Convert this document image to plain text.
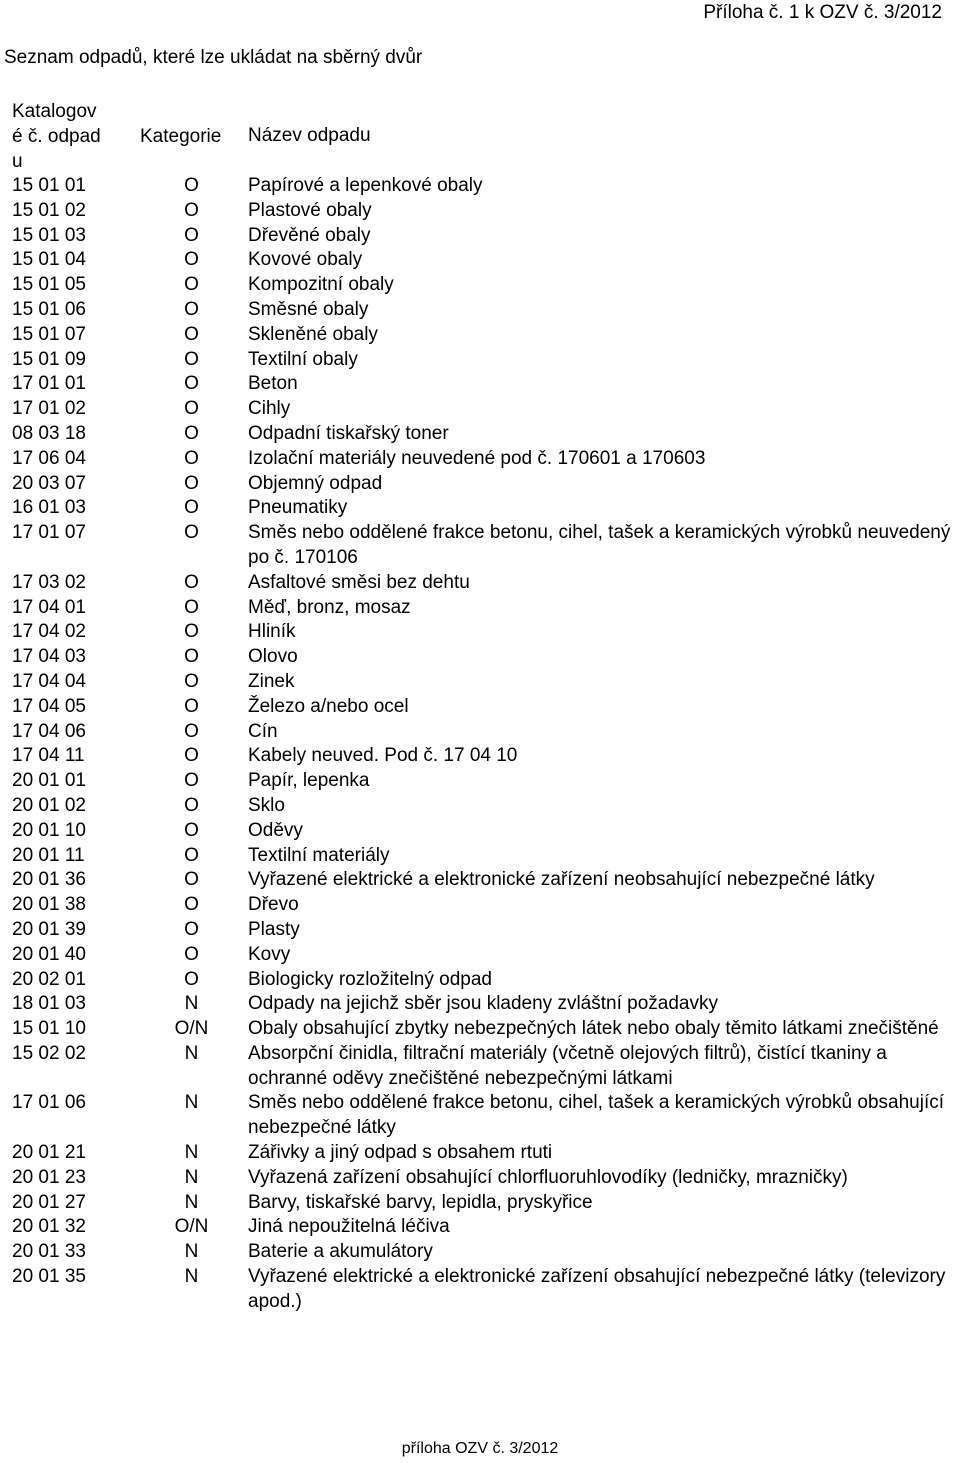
Příloha č. 1 k OZV č. 3/2012
Seznam odpadů, které lze ukládat na sběrný dvůr
Katalogové č. odpadu	Kategorie	Název odpadu
15 01 01	O	Papírové a lepenkové obaly
15 01 02	O	Plastové obaly
15 01 03	O	Dřevěné obaly
15 01 04	O	Kovové obaly
15 01 05	O	Kompozitní obaly
15 01 06	O	Směsné obaly
15 01 07	O	Skleněné obaly
15 01 09	O	Textilní obaly
17 01 01	O	Beton
17 01 02	O	Cihly
08 03 18	O	Odpadní tiskařský toner
17 06 04	O	Izolační materiály neuvedené pod č. 170601 a 170603
20 03 07	O	Objemný odpad
16 01 03	O	Pneumatiky
17 01 07	O	Směs nebo oddělené frakce betonu, cihel, tašek a keramických výrobků neuvedený po č. 170106
17 03 02	O	Asfaltové směsi bez dehtu
17 04 01	O	Měď, bronz, mosaz
17 04 02	O	Hliník
17 04 03	O	Olovo
17 04 04	O	Zinek
17 04 05	O	Železo a/nebo ocel
17 04 06	O	Cín
17 04 11	O	Kabely neuved. Pod č. 17 04 10
20 01 01	O	Papír, lepenka
20 01 02	O	Sklo
20 01 10	O	Oděvy
20 01 11	O	Textilní materiály
20 01 36	O	Vyřazené elektrické a elektronické zařízení neobsahující nebezpečné látky
20 01 38	O	Dřevo
20 01 39	O	Plasty
20 01 40	O	Kovy
20 02 01	O	Biologicky rozložitelný odpad
18 01 03	N	Odpady na jejichž sběr jsou kladeny zvláštní požadavky
15 01 10	O/N	Obaly obsahující zbytky nebezpečných látek nebo obaly těmito látkami znečištěné
15 02 02	N	Absorpční činidla, filtrační materiály (včetně olejových filtrů), čistící tkaniny a ochranné oděvy znečištěné nebezpečnými látkami
17 01 06	N	Směs nebo oddělené frakce betonu, cihel, tašek a keramických výrobků obsahující nebezpečné látky
20 01 21	N	Zářivky a jiný odpad s obsahem rtuti
20 01 23	N	Vyřazená zařízení obsahující chlorfluoruhlovodíky (ledničky, mrazničky)
20 01 27	N	Barvy, tiskařské barvy, lepidla, pryskyřice
20 01 32	O/N	Jiná nepoužitelná léčiva
20 01 33	N	Baterie a akumulátory
20 01 35	N	Vyřazené elektrické a elektronické zařízení obsahující nebezpečné látky (televizory apod.)
příloha OZV č. 3/2012
